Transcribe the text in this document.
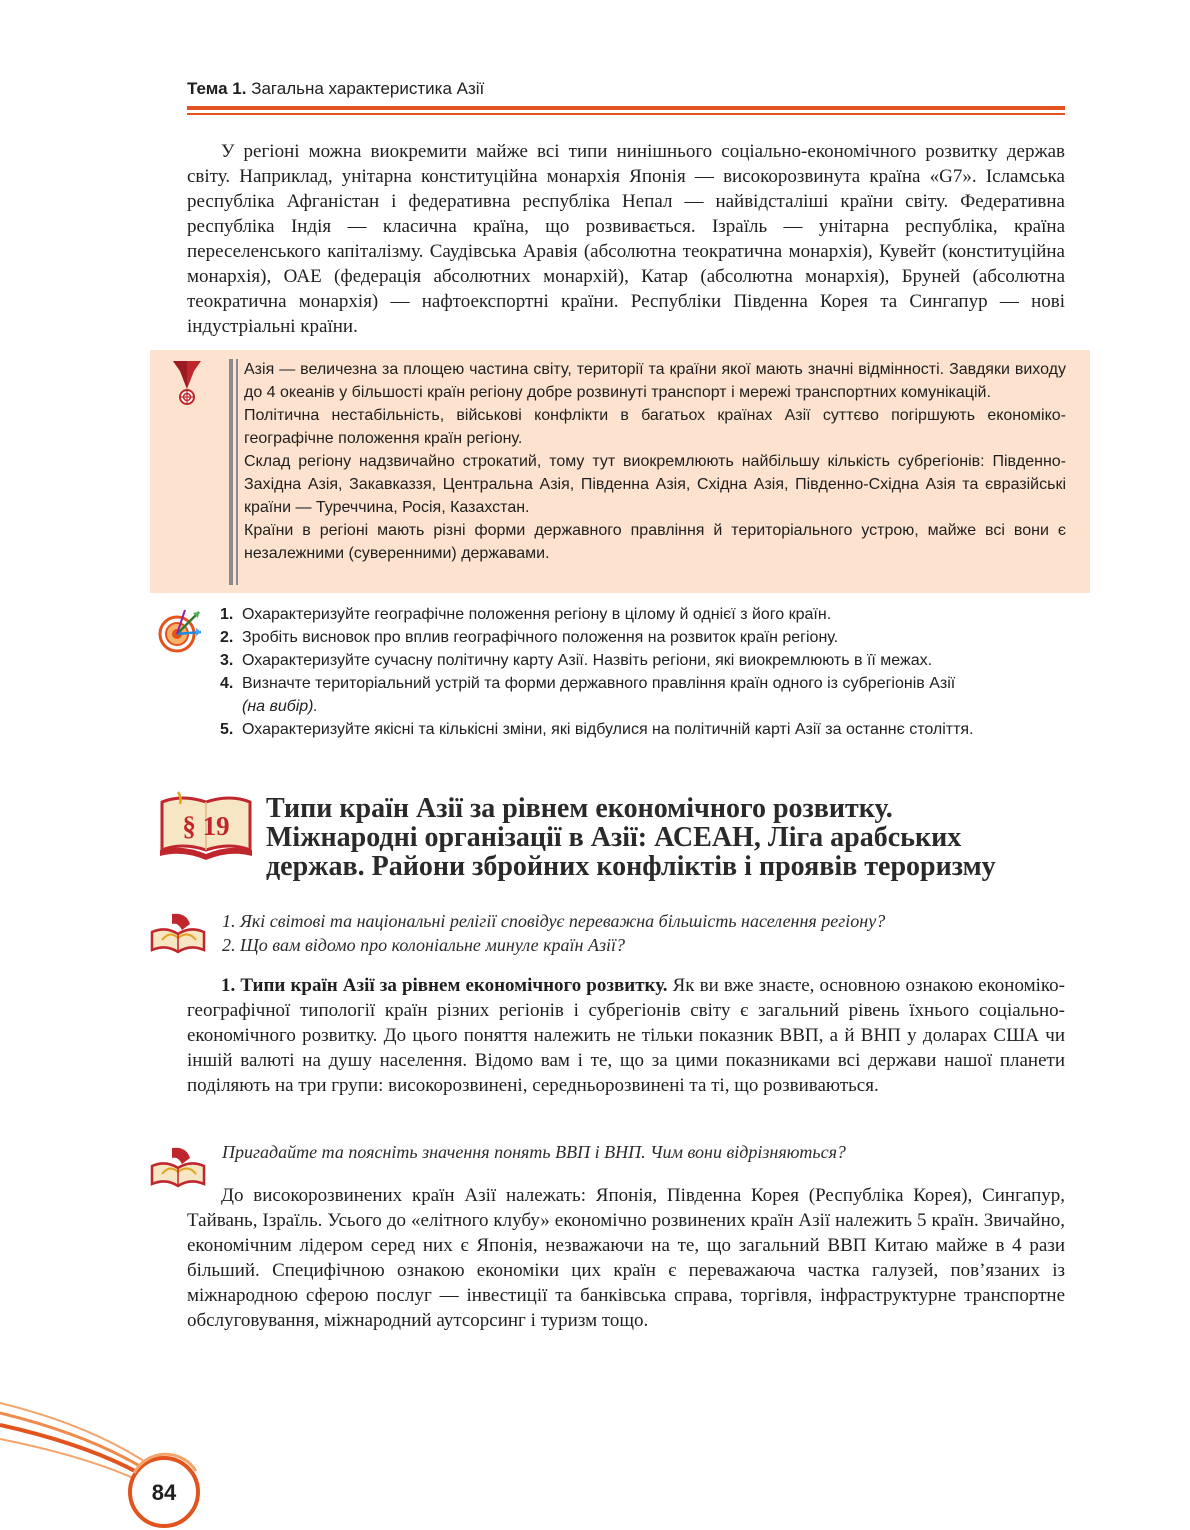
Тема 1. Загальна характеристика Азії

У регіоні можна виокремити майже всі типи нинішнього соціально-економічного розвитку держав світу. Наприклад, унітарна конституційна монархія Японія — високорозвинута країна «G7». Ісламська республіка Афганістан і федеративна республіка Непал — найвідсталіші країни світу. Федеративна республіка Індія — класична країна, що розвивається. Ізраїль — унітарна республіка, країна переселенського капіталізму. Саудівська Аравія (абсолютна теократична монархія), Кувейт (конституційна монархія), ОАЕ (федерація абсолютних монархій), Катар (абсолютна монархія), Бруней (абсолютна теократична монархія) — нафтоекспортні країни. Республіки Південна Корея та Сингапур — нові індустріальні країни.

Азія — величезна за площею частина світу, території та країни якої мають значні відмінності. Завдяки виходу до 4 океанів у більшості країн регіону добре розвинуті транспорт і мережі транспортних комунікацій.

Політична нестабільність, військові конфлікти в багатьох країнах Азії суттєво погіршують економіко-географічне положення країн регіону.

Склад регіону надзвичайно строкатий, тому тут виокремлюють найбільшу кількість субрегіонів: Південно-Західна Азія, Закавказзя, Центральна Азія, Південна Азія, Східна Азія, Південно-Східна Азія та євразійські країни — Туреччина, Росія, Казахстан.

Країни в регіоні мають різні форми державного правління й територіального устрою, майже всі вони є незалежними (суверенними) державами.

1. Охарактеризуйте географічне положення регіону в цілому й однієї з його країн.
2. Зробіть висновок про вплив географічного положення на розвиток країн регіону.
3. Охарактеризуйте сучасну політичну карту Азії. Назвіть регіони, які виокремлюють в її межах.
4. Визначте територіальний устрій та форми державного правління країн одного із субрегіонів Азії
(на вибір).
5. Охарактеризуйте якісні та кількісні зміни, які відбулися на політичній карті Азії за останнє століття.
§ 19
Типи країн Азії за рівнем економічного розвитку.
Міжнародні організації в Азії: АСЕАН, Ліга арабських
держав. Райони збройних конфліктів і проявів тероризму
1. Які світові та національні релігії сповідує переважна більшість населення регіону?
2. Що вам відомо про колоніальне минуле країн Азії?

1. Типи країн Азії за рівнем економічного розвитку. Як ви вже знаєте, основною ознакою економіко-географічної типології країн різних регіонів і субрегіонів світу є загальний рівень їхнього соціально-економічного розвитку. До цього поняття належить не тільки показник ВВП, а й ВНП у доларах США чи іншій валюті на душу населення. Відомо вам і те, що за цими показниками всі держави нашої планети поділяють на три групи: високорозвинені, середньорозвинені та ті, що розвиваються.

Пригадайте та поясніть значення понять ВВП і ВНП. Чим вони відрізняються?

До високорозвинених країн Азії належать: Японія, Південна Корея (Республіка Корея), Сингапур, Тайвань, Ізраїль. Усього до «елітного клубу» економічно розвинених країн Азії належить 5 країн. Звичайно, економічним лідером серед них є Японія, незважаючи на те, що загальний ВВП Китаю майже в 4 рази більший. Специфічною ознакою економіки цих країн є переважаюча частка галузей, пов’язаних із міжнародною сферою послуг — інвестиції та банківська справа, торгівля, інфраструктурне транспортне обслуговування, міжнародний аутсорсинг і туризм тощо.

84
